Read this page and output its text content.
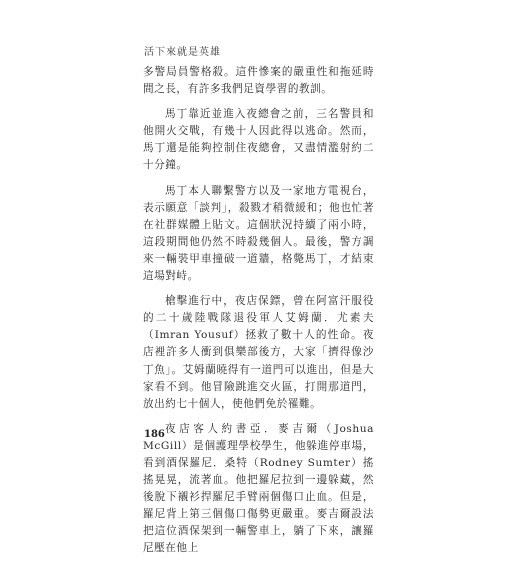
活下來就是英雄

多警局員警格殺。這件慘案的嚴重性和拖延時間之長，有許多我們足資學習的教訓。

馬丁靠近並進入夜總會之前，三名警員和他開火交戰，有幾十人因此得以逃命。然而，馬丁還是能夠控制住夜總會，又盡情濫射約二十分鐘。

馬丁本人聯繫警方以及一家地方電視台，表示願意「談判」，殺戮才稍微緩和；他也忙著在社群媒體上貼文。這個狀況持續了兩小時，這段期間他仍然不時殺幾個人。最後，警方調來一輛裝甲車撞破一道牆，格斃馬丁，才結束這場對峙。

槍擊進行中，夜店保鏢，曾在阿富汗服役的二十歲陸戰隊退役軍人艾姆蘭．尤素夫（Imran Yousuf）拯救了數十人的性命。夜店裡許多人衝到俱樂部後方，大家「擠得像沙丁魚」。艾姆蘭曉得有一道門可以進出，但是大家看不到。他冒險跳進交火區，打開那道門，放出約七十個人，使他們免於罹難。

夜店客人約書亞．麥吉爾（Joshua McGill）是個護理學校學生，他躲進停車場，看到酒保羅尼．桑特（Rodney Sumter）搖搖晃晃，流著血。他把羅尼拉到一邊躲藏，然後脫下襯衫捍羅尼手臂兩個傷口止血。但是，羅尼背上第三個傷口傷勢更嚴重。麥吉爾設法把這位酒保架到一輛警車上，躺了下來，讓羅尼壓在他上

186
